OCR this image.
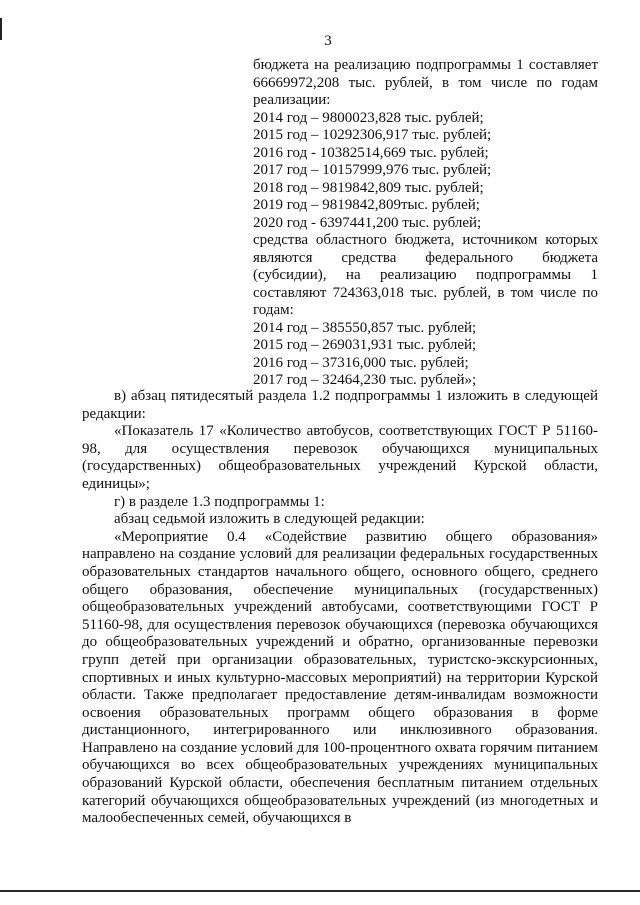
3

бюджета на реализацию подпрограммы 1 составляет 66669972,208 тыс. рублей, в том числе по годам реализации:

2014 год – 9800023,828 тыс. рублей;

2015 год – 10292306,917 тыс. рублей;

2016 год - 10382514,669 тыс. рублей;

2017 год – 10157999,976 тыс. рублей;

2018 год – 9819842,809 тыс. рублей;

2019 год – 9819842,809тыс. рублей;

2020 год - 6397441,200 тыс. рублей;

средства областного бюджета, источником которых являются средства федерального бюджета (субсидии), на реализацию подпрограммы 1 составляют 724363,018 тыс. рублей, в том числе по годам:

2014 год – 385550,857 тыс. рублей;

2015 год – 269031,931 тыс. рублей;

2016 год – 37316,000 тыс. рублей;

2017 год – 32464,230 тыс. рублей»;

в) абзац пятидесятый раздела 1.2 подпрограммы 1 изложить в следующей редакции:

«Показатель 17 «Количество автобусов, соответствующих ГОСТ Р 51160-98, для осуществления перевозок обучающихся муниципальных (государственных) общеобразовательных учреждений Курской области, единицы»;

г) в разделе 1.3 подпрограммы 1:

абзац седьмой изложить в следующей редакции:

«Мероприятие 0.4 «Содействие развитию общего образования» направлено на создание условий для реализации федеральных государственных образовательных стандартов начального общего, основного общего, среднего общего образования, обеспечение муниципальных (государственных) общеобразовательных учреждений автобусами, соответствующими ГОСТ Р 51160-98, для осуществления перевозок обучающихся (перевозка обучающихся до общеобразовательных учреждений и обратно, организованные перевозки групп детей при организации образовательных, туристско-экскурсионных, спортивных и иных культурно-массовых мероприятий) на территории Курской области. Также предполагает предоставление детям-инвалидам возможности освоения образовательных программ общего образования в форме дистанционного, интегрированного или инклюзивного образования. Направлено на создание условий для 100-процентного охвата горячим питанием обучающихся во всех общеобразовательных учреждениях муниципальных образований Курской области, обеспечения бесплатным питанием отдельных категорий обучающихся общеобразовательных учреждений (из многодетных и малообеспеченных семей, обучающихся в
